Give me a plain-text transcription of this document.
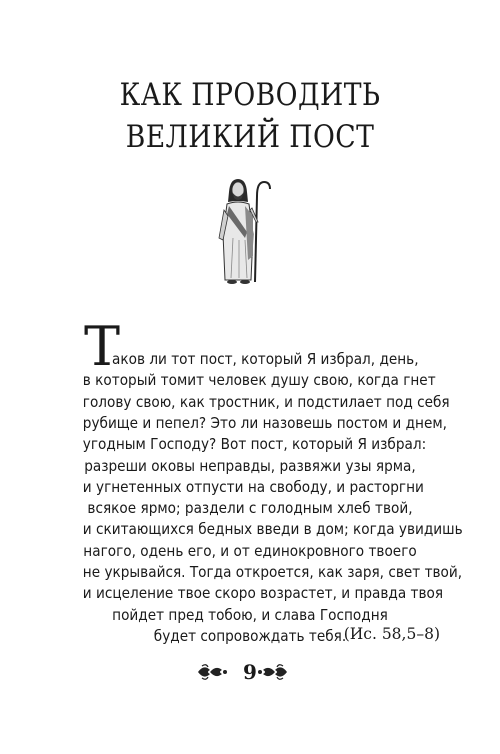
КАК ПРОВОДИТЬ
ВЕЛИКИЙ ПОСТ
Т
аков ли тот пост, который Я избрал, день,
в который томит человек душу свою, когда гнет
голову свою, как тростник, и подстилает под себя
рубище и пепел? Это ли назовешь постом и днем,
угодным Господу? Вот пост, который Я избрал:
разреши оковы неправды, развяжи узы ярма,
и угнетенных отпусти на свободу, и расторгни
всякое ярмо; раздели с голодным хлеб твой,
и скитающихся бедных введи в дом; когда увидишь
нагого, одень его, и от единокровного твоего
не укрывайся. Тогда откроется, как заря, свет твой,
и исцеление твое скоро возрастет, и правда твоя
пойдет пред тобою, и слава Господня
будет сопровождать тебя.
(Ис. 58,5–8)
9
